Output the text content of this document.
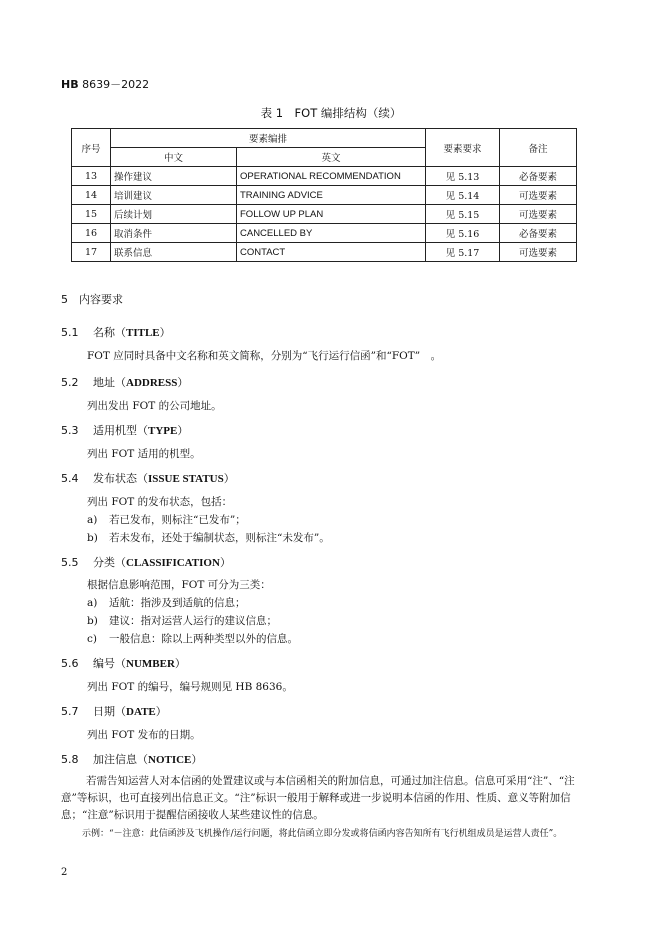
HB 8639－2022
表 1　FOT 编排结构（续）
序号	要素编排		要素要求	备注
	中文	英文		
13	操作建议	OPERATIONAL RECOMMENDATION	见 5.13	必备要素
14	培训建议	TRAINING ADVICE	见 5.14	可选要素
15	后续计划	FOLLOW UP PLAN	见 5.15	可选要素
16	取消条件	CANCELLED BY	见 5.16	必备要素
17	联系信息	CONTACT	见 5.17	可选要素
5　 内容要求
5.1 名称（TITLE）
FOT 应同时具备中文名称和英文简称，分别为“飞行运行信函”和“FOT”　。
5.2 地址（ADDRESS）
列出发出 FOT 的公司地址。
5.3 适用机型（TYPE）
列出 FOT 适用的机型。
5.4 发布状态（ISSUE STATUS）
列出 FOT 的发布状态，包括：
a) 若已发布，则标注“已发布”；
b) 若未发布，还处于编制状态，则标注“未发布”。
5.5 分类（CLASSIFICATION）
根据信息影响范围，FOT 可分为三类：
a) 适航：指涉及到适航的信息；
b) 建议：指对运营人运行的建议信息；
c) 一般信息：除以上两种类型以外的信息。
5.6 编号（NUMBER）
列出 FOT 的编号，编号规则见 HB 8636。
5.7 日期（DATE）
列出 FOT 发布的日期。
5.8 加注信息（NOTICE）
若需告知运营人对本信函的处置建议或与本信函相关的附加信息，可通过加注信息。信息可采用“注”、“注意”等标识，也可直接列出信息正文。“注”标识一般用于解释或进一步说明本信函的作用、性质、意义等附加信息；“注意”标识用于提醒信函接收人某些建议性的信息。
示例：“－注意：此信函涉及飞机操作/运行问题，将此信函立即分发或将信函内容告知所有飞行机组成员是运营人责任”。
2
